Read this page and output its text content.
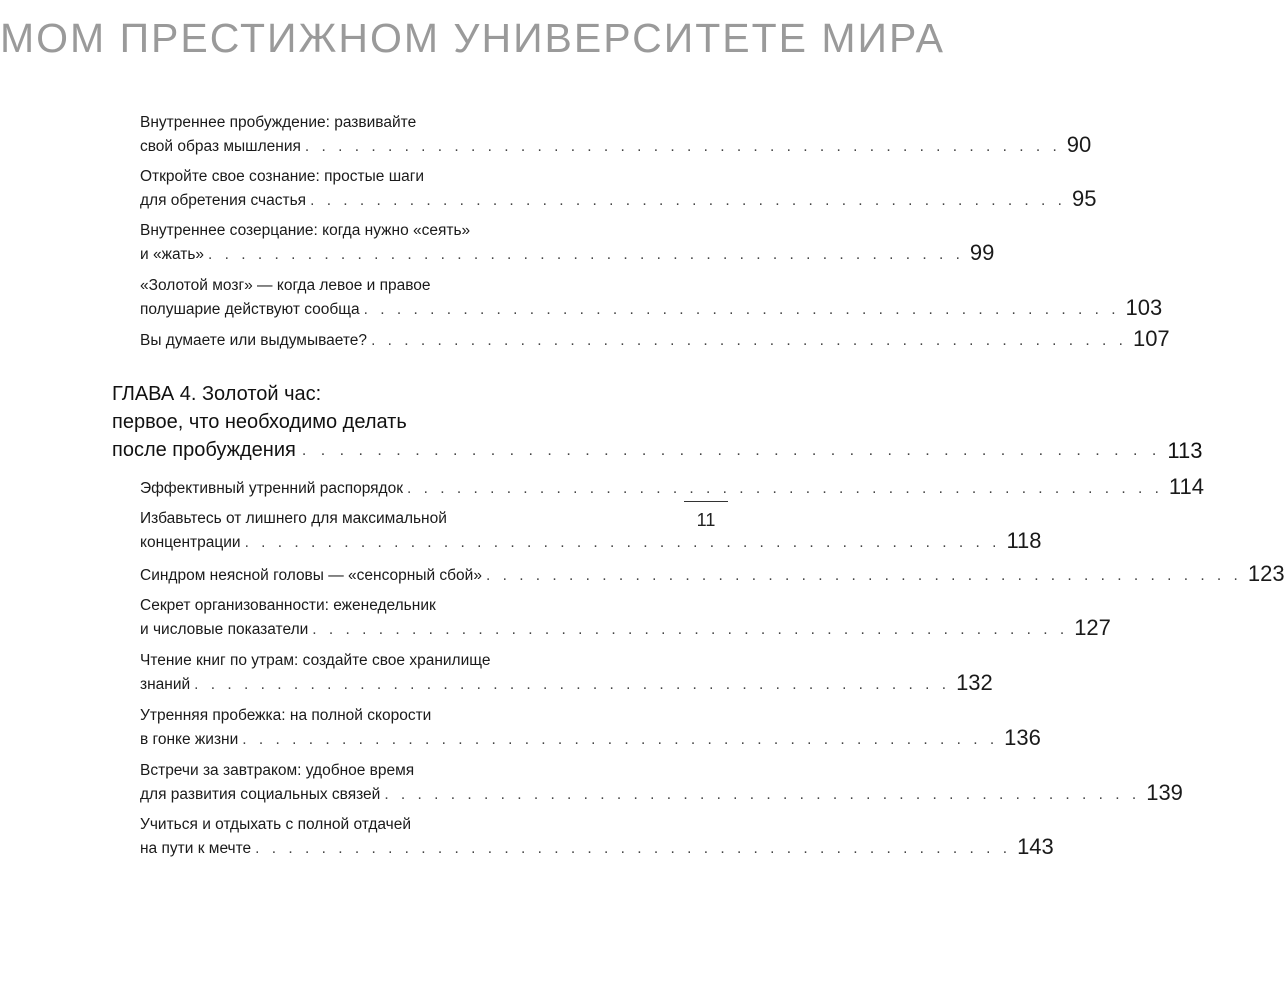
МОМ ПРЕСТИЖНОМ УНИВЕРСИТЕТЕ МИРА
Внутреннее пробуждение: развивайте
свой образ мышления . . . . . . . . . . . . . . . . . . . . . . . . . . . . . . . . . . . . . . . . . . . . . . 90
Откройте свое сознание: простые шаги
для обретения счастья . . . . . . . . . . . . . . . . . . . . . . . . . . . . . . . . . . . . . . . . . . . . . . 95
Внутреннее созерцание: когда нужно «сеять»
и «жать» . . . . . . . . . . . . . . . . . . . . . . . . . . . . . . . . . . . . . . . . . . . . . . 99
«Золотой мозг» — когда левое и правое
полушарие действуют сообща . . . . . . . . . . . . . . . . . . . . . . . . . . . . . . . . . . . . . . . . . . . . . . 103
Вы думаете или выдумываете? . . . . . . . . . . . . . . . . . . . . . . . . . . . . . . . . . . . . . . . . . . . . . . 107
ГЛАВА 4. Золотой час:
первое, что необходимо делать
после пробуждения . . . . . . . . . . . . . . . . . . . . . . . . . . . . . . . . . . . . . . . . . . . . . . 113
Эффективный утренний распорядок . . . . . . . . . . . . . . . . . . . . . . . . . . . . . . . . . . . . . . . . . . . . . . 114
Избавьтесь от лишнего для максимальной
концентрации . . . . . . . . . . . . . . . . . . . . . . . . . . . . . . . . . . . . . . . . . . . . . . 118
Синдром неясной головы — «сенсорный сбой» . . . . . . . . . . . . . . . . . . . . . . . . . . . . . . . . . . . . . . . . . . . . . . 123
Секрет организованности: еженедельник
и числовые показатели . . . . . . . . . . . . . . . . . . . . . . . . . . . . . . . . . . . . . . . . . . . . . . 127
Чтение книг по утрам: создайте свое хранилище
знаний . . . . . . . . . . . . . . . . . . . . . . . . . . . . . . . . . . . . . . . . . . . . . . 132
Утренняя пробежка: на полной скорости
в гонке жизни . . . . . . . . . . . . . . . . . . . . . . . . . . . . . . . . . . . . . . . . . . . . . . 136
Встречи за завтраком: удобное время
для развития социальных связей . . . . . . . . . . . . . . . . . . . . . . . . . . . . . . . . . . . . . . . . . . . . . . 139
Учиться и отдыхать с полной отдачей
на пути к мечте . . . . . . . . . . . . . . . . . . . . . . . . . . . . . . . . . . . . . . . . . . . . . . 143
11
